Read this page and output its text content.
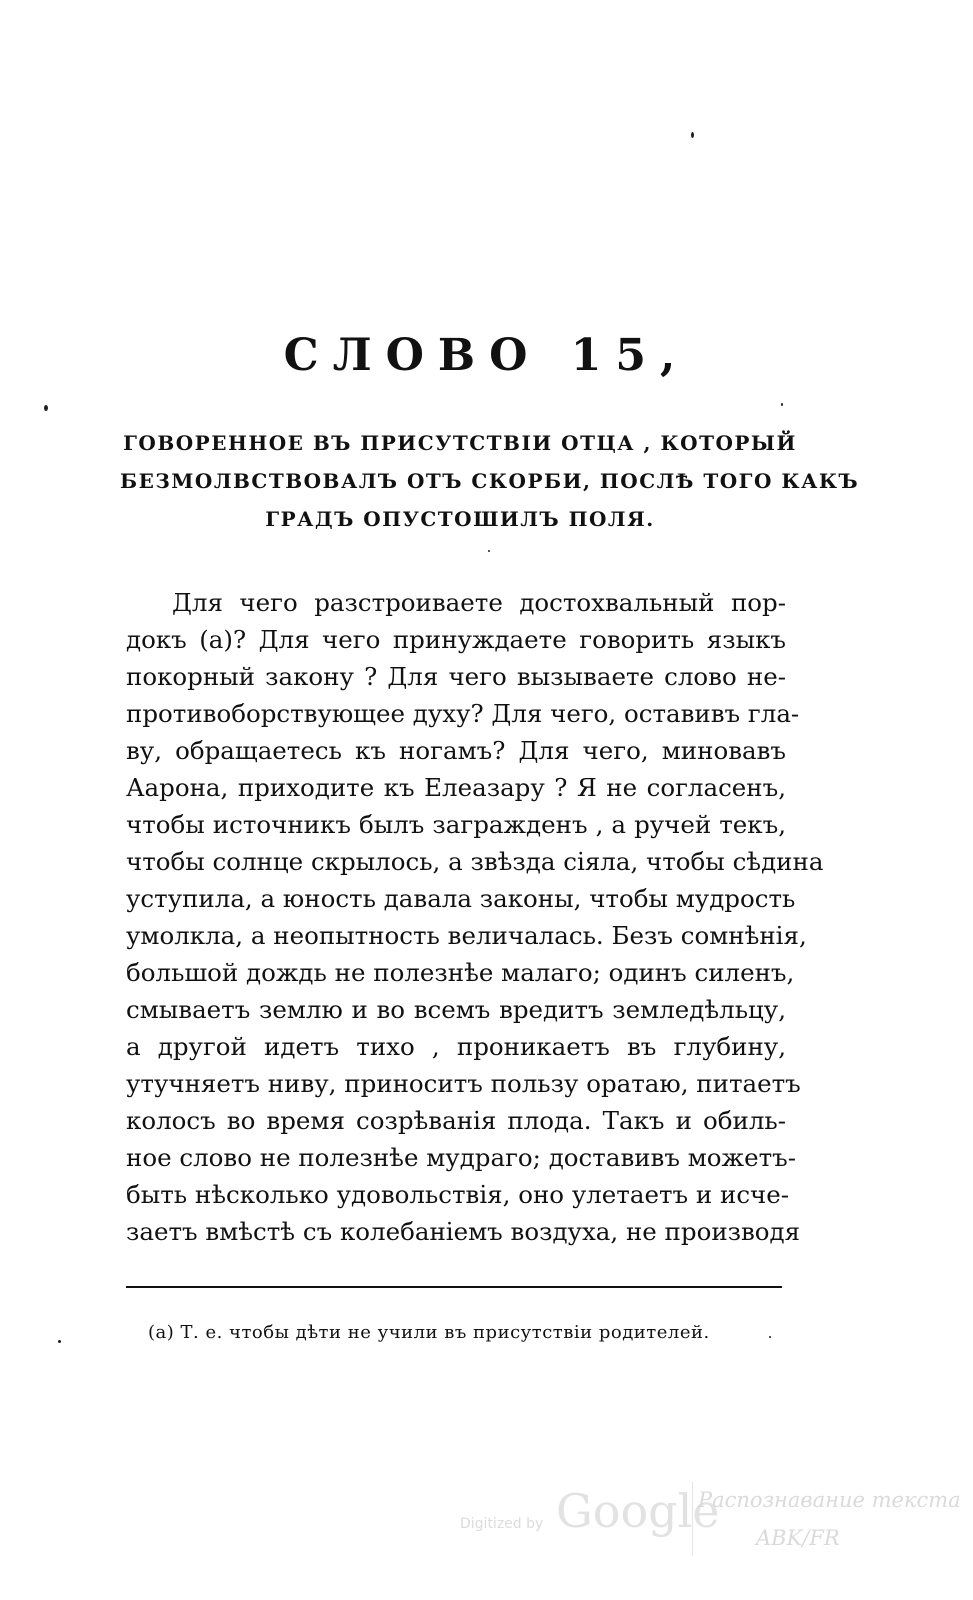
СЛОВО 15,
ГОВОРЕННОЕ ВЪ ПРИСУТСТВІИ ОТЦА , КОТОРЫЙ
БЕЗМОЛВСТВОВАЛЪ ОТЪ СКОРБИ, ПОСЛѢ ТОГО КАКЪ
ГРАДЪ ОПУСТОШИЛЪ ПОЛЯ.
Для чего разстроиваете достохвальный пор-
докъ (a)? Для чего принуждаете говорить языкъ
покорный закону ? Для чего вызываете слово не-
противоборствующее духу? Для чего, оставивъ гла-
ву, обращаетесь къ ногамъ? Для чего, миновавъ
Аарона, приходите къ Елеазару ? Я не согласенъ,
чтобы источникъ былъ загражденъ , а ручей текъ,
чтобы солнце скрылось, а звѣзда сіяла, чтобы сѣдина
уступила, а юность давала законы, чтобы мудрость
умолкла, а неопытность величалась. Безъ сомнѣнія,
большой дождь не полезнѣе малаго; одинъ силенъ,
смываетъ землю и во всемъ вредитъ земледѣльцу,
а другой идетъ тихо , проникаетъ въ глубину,
утучняетъ ниву, приноситъ пользу оратаю, питаетъ
колосъ во время созрѣванія плода. Такъ и обиль-
ное слово не полезнѣе мудраго; доставивъ можетъ-
быть нѣсколько удовольствія, оно улетаетъ и исче-
заетъ вмѣстѣ съ колебаніемъ воздуха, не производя
(a) Т. е. чтобы дѣти не учили въ присутствіи родителей.
Digitized by Google
Распознавание текста
ABK/FR
